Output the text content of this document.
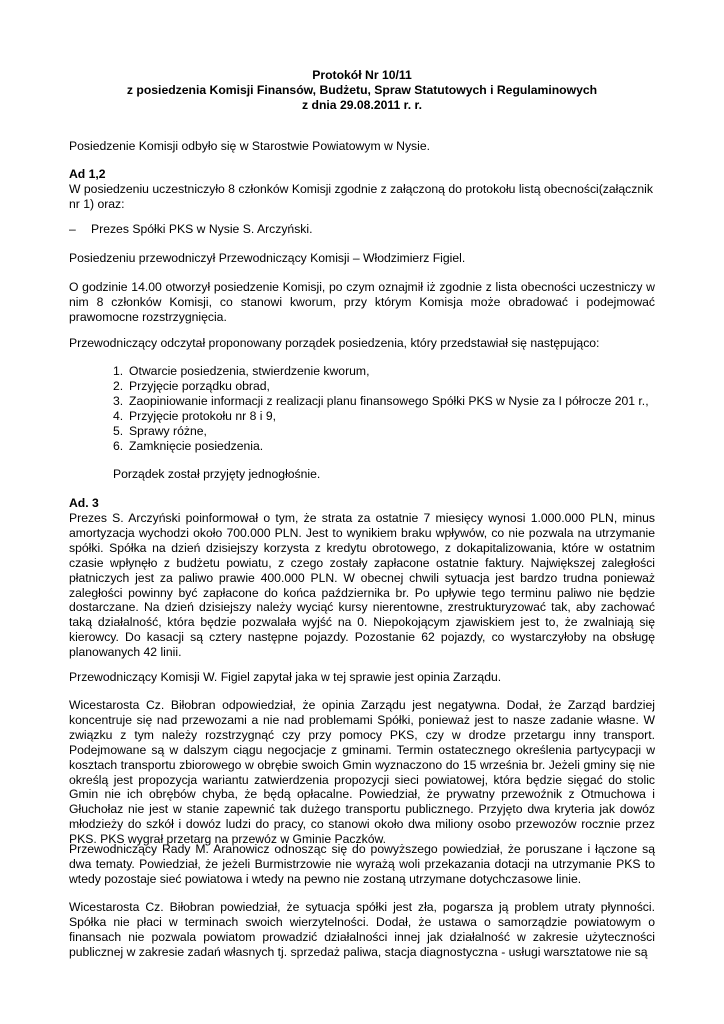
Protokół Nr 10/11
z posiedzenia Komisji Finansów, Budżetu, Spraw Statutowych i Regulaminowych
z dnia 29.08.2011 r. r.

Posiedzenie Komisji odbyło się w Starostwie Powiatowym w Nysie.

Ad 1,2

W posiedzeniu uczestniczyło 8 członków Komisji zgodnie z załączoną do protokołu listą obecności(załącznik nr 1) oraz:

– Prezes Spółki PKS w Nysie S. Arczyński.

Posiedzeniu przewodniczył Przewodniczący Komisji – Włodzimierz Figiel.

O godzinie 14.00 otworzył posiedzenie Komisji, po czym oznajmił iż zgodnie z lista obecności uczestniczy w nim 8 członków Komisji, co stanowi kworum, przy którym Komisja może obradować i podejmować prawomocne rozstrzygnięcia.

Przewodniczący odczytał proponowany porządek posiedzenia, który przedstawiał się następująco:

1. Otwarcie posiedzenia, stwierdzenie kworum,
2. Przyjęcie porządku obrad,
3. Zaopiniowanie informacji z realizacji planu finansowego Spółki PKS w Nysie za I półrocze 201 r.,
4. Przyjęcie protokołu nr 8 i 9,
5. Sprawy różne,
6. Zamknięcie posiedzenia.
Porządek został przyjęty jednogłośnie.

Ad. 3

Prezes S. Arczyński poinformował o tym, że strata za ostatnie 7 miesięcy wynosi 1.000.000 PLN, minus amortyzacja wychodzi około 700.000 PLN. Jest to wynikiem braku wpływów, co nie pozwala na utrzymanie spółki. Spółka na dzień dzisiejszy korzysta z kredytu obrotowego, z dokapitalizowania, które w ostatnim czasie wpłynęło z budżetu powiatu, z czego zostały zapłacone ostatnie faktury. Największej zaległości płatniczych jest za paliwo prawie 400.000 PLN. W obecnej chwili sytuacja jest bardzo trudna ponieważ zaległości powinny być zapłacone do końca października br. Po upływie tego terminu paliwo nie będzie dostarczane. Na dzień dzisiejszy należy wyciąć kursy nierentowne, zrestrukturyzować tak, aby zachować taką działalność, która będzie pozwalała wyjść na 0. Niepokojącym zjawiskiem jest to, że zwalniają się kierowcy. Do kasacji są cztery następne pojazdy. Pozostanie 62 pojazdy, co wystarczyłoby na obsługę planowanych 42 linii.

Przewodniczący Komisji W. Figiel zapytał jaka w tej sprawie jest opinia Zarządu.

Wicestarosta Cz. Biłobran odpowiedział, że opinia Zarządu jest negatywna. Dodał, że Zarząd bardziej koncentruje się nad przewozami a nie nad problemami Spółki, ponieważ jest to nasze zadanie własne. W związku z tym należy rozstrzygnąć czy przy pomocy PKS, czy w drodze przetargu inny transport. Podejmowane są w dalszym ciągu negocjacje z gminami. Termin ostatecznego określenia partycypacji w kosztach transportu zbiorowego w obrębie swoich Gmin wyznaczono do 15 września br. Jeżeli gminy się nie określą jest propozycja wariantu zatwierdzenia propozycji sieci powiatowej, która będzie sięgać do stolic Gmin nie ich obrębów chyba, że będą opłacalne. Powiedział, że prywatny przewoźnik z Otmuchowa i Głuchołaz nie jest w stanie zapewnić tak dużego transportu publicznego. Przyjęto dwa kryteria jak dowóz młodzieży do szkół i dowóz ludzi do pracy, co stanowi około dwa miliony osobo przewozów rocznie przez PKS. PKS wygrał przetarg na przewóz w Gminie Paczków.

Przewodniczący Rady M. Aranowicz odnosząc się do powyższego powiedział, że poruszane i łączone są dwa tematy. Powiedział, że jeżeli Burmistrzowie nie wyrażą woli przekazania dotacji na utrzymanie PKS to wtedy pozostaje sieć powiatowa i wtedy na pewno nie zostaną utrzymane dotychczasowe linie.

Wicestarosta Cz. Biłobran powiedział, że sytuacja spółki jest zła, pogarsza ją problem utraty płynności. Spółka nie płaci w terminach swoich wierzytelności. Dodał, że ustawa o samorządzie powiatowym o finansach nie pozwala powiatom prowadzić działalności innej jak działalność w zakresie użyteczności publicznej w zakresie zadań własnych tj. sprzedaż paliwa, stacja diagnostyczna - usługi warsztatowe nie są
